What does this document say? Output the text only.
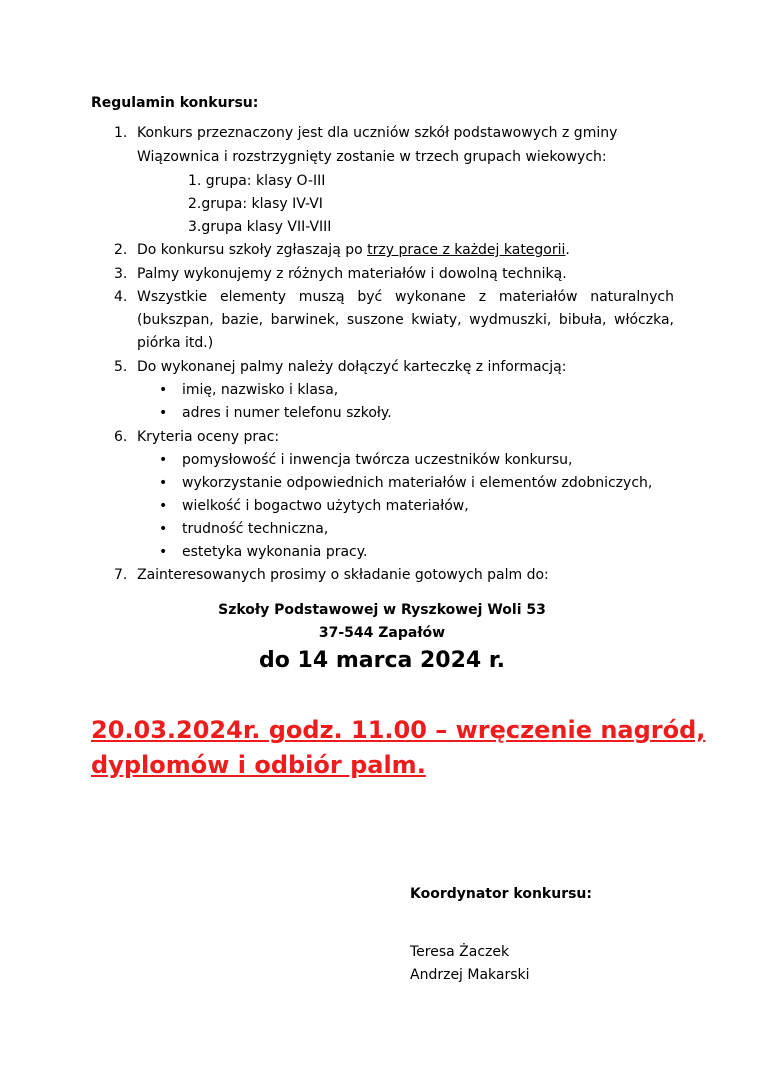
Regulamin konkursu:
1. Konkurs przeznaczony jest dla uczniów szkół podstawowych z gminy
Wiązownica i rozstrzygnięty zostanie w trzech grupach wiekowych:
1. grupa: klasy O-III
2.grupa: klasy IV-VI
3.grupa klasy VII-VIII
2. Do konkursu szkoły zgłaszają po trzy prace z każdej kategorii.
3. Palmy wykonujemy z różnych materiałów i dowolną techniką.
4. Wszystkie elementy muszą być wykonane z materiałów naturalnych
(bukszpan, bazie, barwinek, suszone kwiaty, wydmuszki, bibuła, włóczka,
piórka itd.)
5. Do wykonanej palmy należy dołączyć karteczkę z informacją:
• imię, nazwisko i klasa,
• adres i numer telefonu szkoły.
6. Kryteria oceny prac:
• pomysłowość i inwencja twórcza uczestników konkursu,
• wykorzystanie odpowiednich materiałów i elementów zdobniczych,
• wielkość i bogactwo użytych materiałów,
• trudność techniczna,
• estetyka wykonania pracy.
7. Zainteresowanych prosimy o składanie gotowych palm do:
Szkoły Podstawowej w Ryszkowej Woli 53
37-544 Zapałów
do 14 marca 2024 r.
20.03.2024r. godz. 11.00 – wręczenie nagród,
dyplomów i odbiór palm.
Koordynator konkursu:
Teresa Żaczek
Andrzej Makarski
